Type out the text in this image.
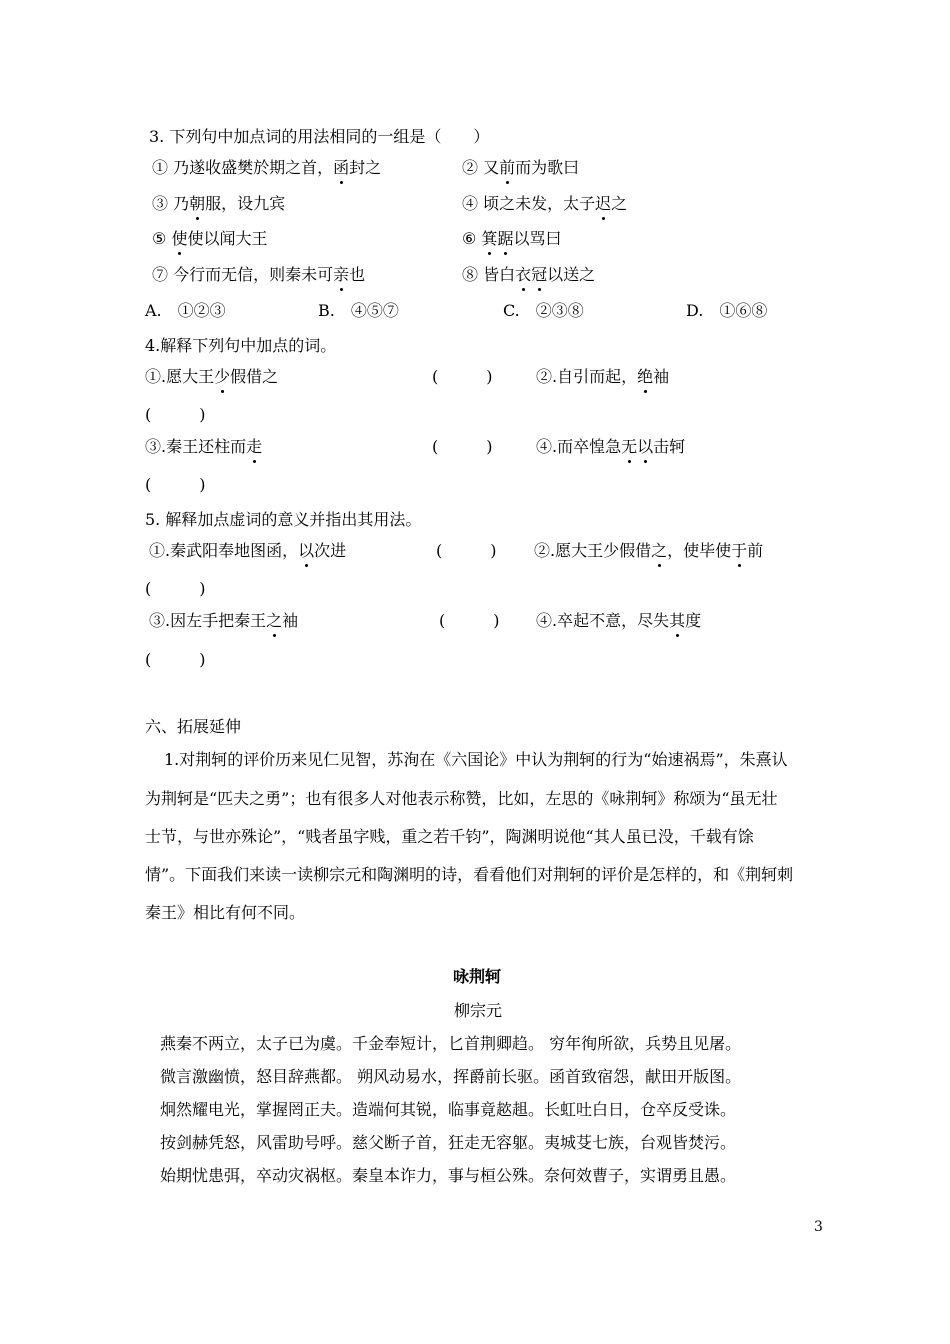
3. 下列句中加点词的用法相同的一组是（　　）
① 乃遂收盛樊於期之首，函封之	② 又前而为歌曰
③ 乃朝服，设九宾	④ 顷之未发，太子迟之
⑤ 使使以闻大王	⑥ 箕踞以骂曰
⑦ 今行而无信，则秦未可亲也	⑧ 皆白衣冠以送之
A.　①②③	B.　④⑤⑦	C.　②③⑧	D.　①⑥⑧
4.解释下列句中加点的词。
①.愿大王少假借之	(　　　)	②.自引而起，绝袖
(　　　)
③.秦王还柱而走	(　　　)	④.而卒惶急无以击轲
(　　　)
5. 解释加点虚词的意义并指出其用法。
①.秦武阳奉地图函，以次进	(　　　) ②.愿大王少假借之，使毕使于前
(　　　)
③.因左手把秦王之袖	(　　　) ④.卒起不意，尽失其度
(　　　)
六、拓展延伸
1.对荆轲的评价历来见仁见智，苏洵在《六国论》中认为荆轲的行为“始速祸焉”，朱熹认
为荆轲是“匹夫之勇”；也有很多人对他表示称赞，比如，左思的《咏荆轲》称颂为“虽无壮
士节，与世亦殊论”，“贱者虽字贱，重之若千钧”，陶渊明说他“其人虽已没，千载有馀
情”。下面我们来读一读柳宗元和陶渊明的诗，看看他们对荆轲的评价是怎样的，和《荆轲刺
秦王》相比有何不同。
咏荆轲
柳宗元
燕秦不两立，太子已为虞。千金奉短计，匕首荆卿趋。 穷年徇所欲，兵势且见屠。
微言激幽愤，怒目辞燕都。 朔风动易水，挥爵前长驱。函首致宿怨，献田开版图。
炯然耀电光，掌握罔正夫。造端何其锐，临事竟趑趄。长虹吐白日，仓卒反受诛。
按剑赫凭怒，风雷助号呼。慈父断子首，狂走无容躯。夷城芟七族，台观皆焚污。
始期忧患弭，卒动灾祸枢。秦皇本诈力，事与桓公殊。奈何效曹子，实谓勇且愚。
3
